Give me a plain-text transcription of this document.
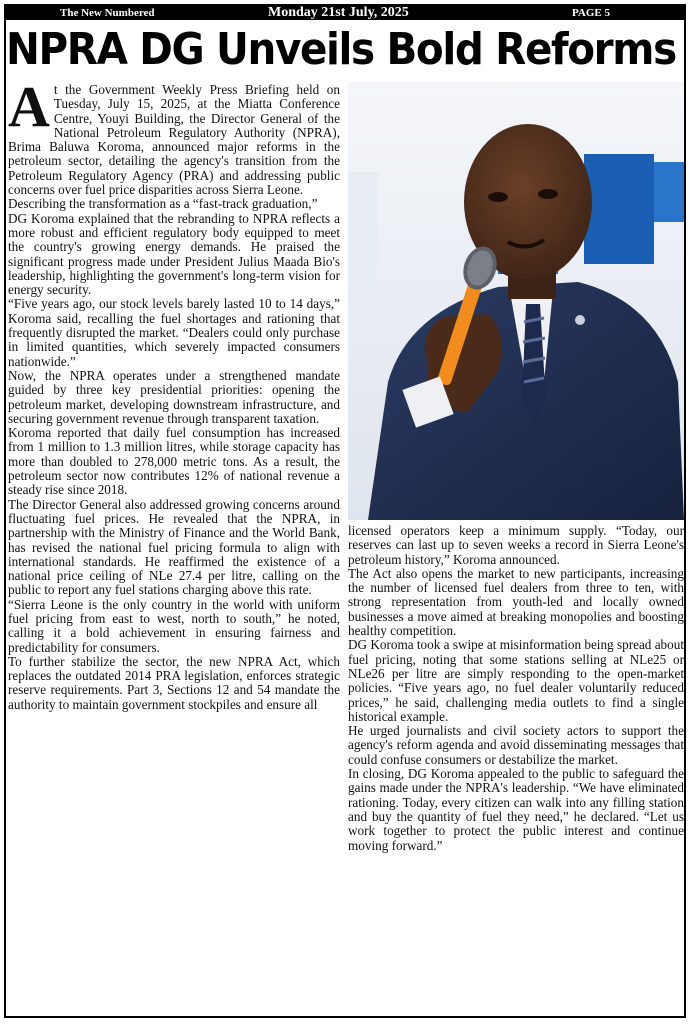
The New Numbered	Monday 21st July, 2025	PAGE 5
NPRA DG Unveils Bold Reforms

At the Government Weekly Press Briefing held on Tuesday, July 15, 2025, at the Miatta Conference Centre, Youyi Building, the Director General of the National Petroleum Regulatory Authority (NPRA), Brima Baluwa Koroma, announced major reforms in the petroleum sector, detailing the agency's transition from the Petroleum Regulatory Agency (PRA) and addressing public concerns over fuel price disparities across Sierra Leone.

Describing the transformation as a “fast-track graduation,”

DG Koroma explained that the rebranding to NPRA reflects a more robust and efficient regulatory body equipped to meet the country's growing energy demands. He praised the significant progress made under President Julius Maada Bio's leadership, highlighting the government's long-term vision for energy security.

“Five years ago, our stock levels barely lasted 10 to 14 days,” Koroma said, recalling the fuel shortages and rationing that frequently disrupted the market. “Dealers could only purchase in limited quantities, which severely impacted consumers nationwide.”

Now, the NPRA operates under a strengthened mandate guided by three key presidential priorities: opening the petroleum market, developing downstream infrastructure, and securing government revenue through transparent taxation.

Koroma reported that daily fuel consumption has increased from 1 million to 1.3 million litres, while storage capacity has more than doubled to 278,000 metric tons. As a result, the petroleum sector now contributes 12% of national revenue a steady rise since 2018.

The Director General also addressed growing concerns around fluctuating fuel prices. He revealed that the NPRA, in partnership with the Ministry of Finance and the World Bank, has revised the national fuel pricing formula to align with international standards. He reaffirmed the existence of a national price ceiling of NLe 27.4 per litre, calling on the public to report any fuel stations charging above this rate.

“Sierra Leone is the only country in the world with uniform fuel pricing from east to west, north to south,” he noted, calling it a bold achievement in ensuring fairness and predictability for consumers.

To further stabilize the sector, the new NPRA Act, which replaces the outdated 2014 PRA legislation, enforces strategic reserve requirements. Part 3, Sections 12 and 54 mandate the authority to maintain government stockpiles and ensure all

licensed operators keep a minimum supply. “Today, our reserves can last up to seven weeks a record in Sierra Leone's petroleum history,” Koroma announced.

The Act also opens the market to new participants, increasing the number of licensed fuel dealers from three to ten, with strong representation from youth-led and locally owned businesses a move aimed at breaking monopolies and boosting healthy competition.

DG Koroma took a swipe at misinformation being spread about fuel pricing, noting that some stations selling at NLe25 or NLe26 per litre are simply responding to the open-market policies. “Five years ago, no fuel dealer voluntarily reduced prices,” he said, challenging media outlets to find a single historical example.

He urged journalists and civil society actors to support the agency's reform agenda and avoid disseminating messages that could confuse consumers or destabilize the market.

In closing, DG Koroma appealed to the public to safeguard the gains made under the NPRA's leadership. “We have eliminated rationing. Today, every citizen can walk into any filling station and buy the quantity of fuel they need,” he declared. “Let us work together to protect the public interest and continue moving forward.”
